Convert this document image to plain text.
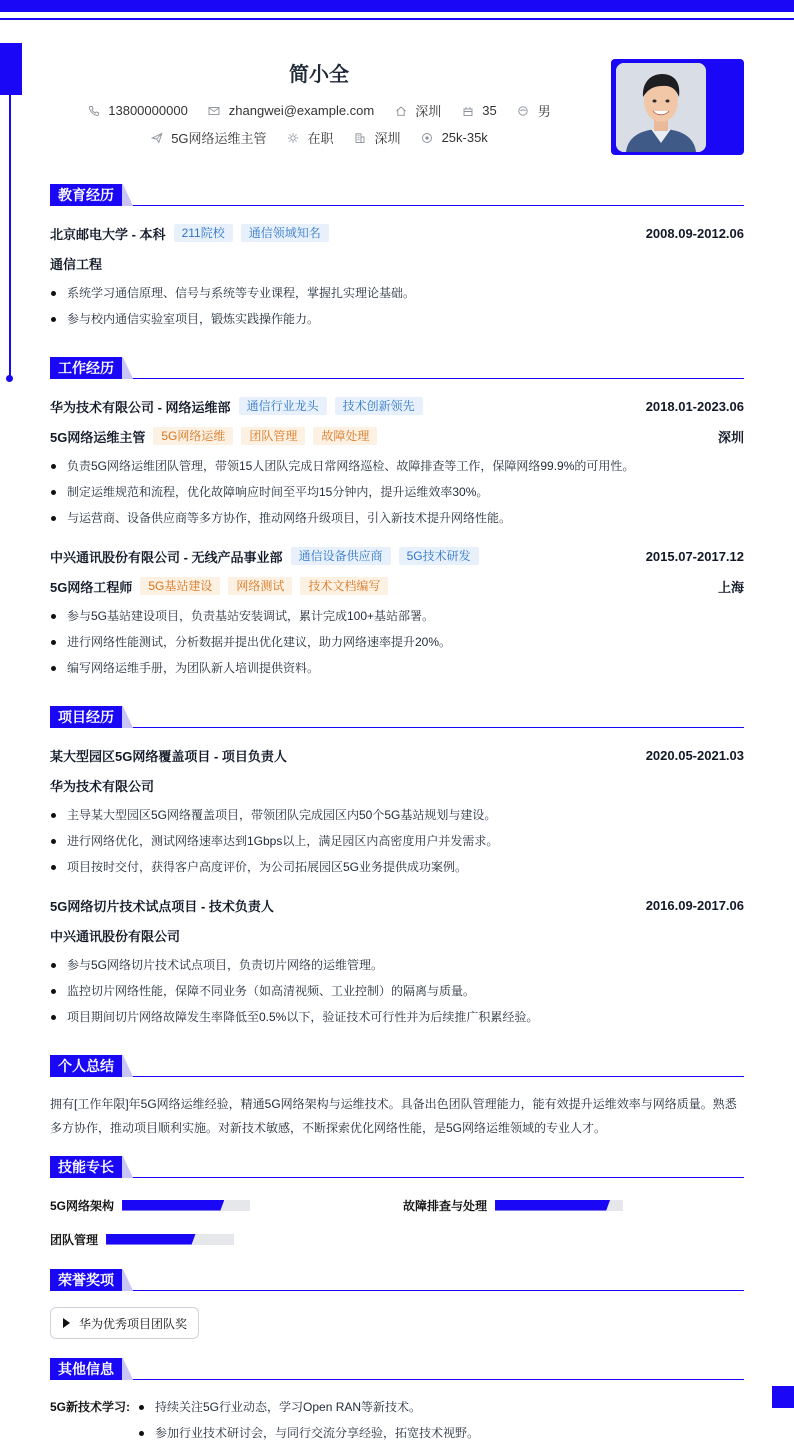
简小全
13800000000	zhangwei@example.com	深圳	35	男
5G网络运维主管	在职	深圳	25k-35k
教育经历
北京邮电大学 - 本科	211院校	通信领域知名	2008.09-2012.06
通信工程
系统学习通信原理、信号与系统等专业课程，掌握扎实理论基础。
参与校内通信实验室项目，锻炼实践操作能力。
工作经历
华为技术有限公司 - 网络运维部	通信行业龙头	技术创新领先	2018.01-2023.06
5G网络运维主管	5G网络运维	团队管理	故障处理	深圳
负责5G网络运维团队管理，带领15人团队完成日常网络巡检、故障排查等工作，保障网络99.9%的可用性。
制定运维规范和流程，优化故障响应时间至平均15分钟内，提升运维效率30%。
与运营商、设备供应商等多方协作，推动网络升级项目，引入新技术提升网络性能。
中兴通讯股份有限公司 - 无线产品事业部	通信设备供应商	5G技术研发	2015.07-2017.12
5G网络工程师	5G基站建设	网络测试	技术文档编写	上海
参与5G基站建设项目，负责基站安装调试，累计完成100+基站部署。
进行网络性能测试，分析数据并提出优化建议，助力网络速率提升20%。
编写网络运维手册，为团队新人培训提供资料。
项目经历
某大型园区5G网络覆盖项目 - 项目负责人	2020.05-2021.03
华为技术有限公司
主导某大型园区5G网络覆盖项目，带领团队完成园区内50个5G基站规划与建设。
进行网络优化，测试网络速率达到1Gbps以上，满足园区内高密度用户并发需求。
项目按时交付，获得客户高度评价，为公司拓展园区5G业务提供成功案例。
5G网络切片技术试点项目 - 技术负责人	2016.09-2017.06
中兴通讯股份有限公司
参与5G网络切片技术试点项目，负责切片网络的运维管理。
监控切片网络性能，保障不同业务（如高清视频、工业控制）的隔离与质量。
项目期间切片网络故障发生率降低至0.5%以下，验证技术可行性并为后续推广积累经验。
个人总结
拥有[工作年限]年5G网络运维经验，精通5G网络架构与运维技术。具备出色团队管理能力，能有效提升运维效率与网络质量。熟悉
多方协作，推动项目顺利实施。对新技术敏感，不断探索优化网络性能，是5G网络运维领域的专业人才。
技能专长
5G网络架构	故障排查与处理
团队管理
荣誉奖项
华为优秀项目团队奖
其他信息
5G新技术学习:	持续关注5G行业动态，学习Open RAN等新技术。
参加行业技术研讨会，与同行交流分享经验，拓宽技术视野。
